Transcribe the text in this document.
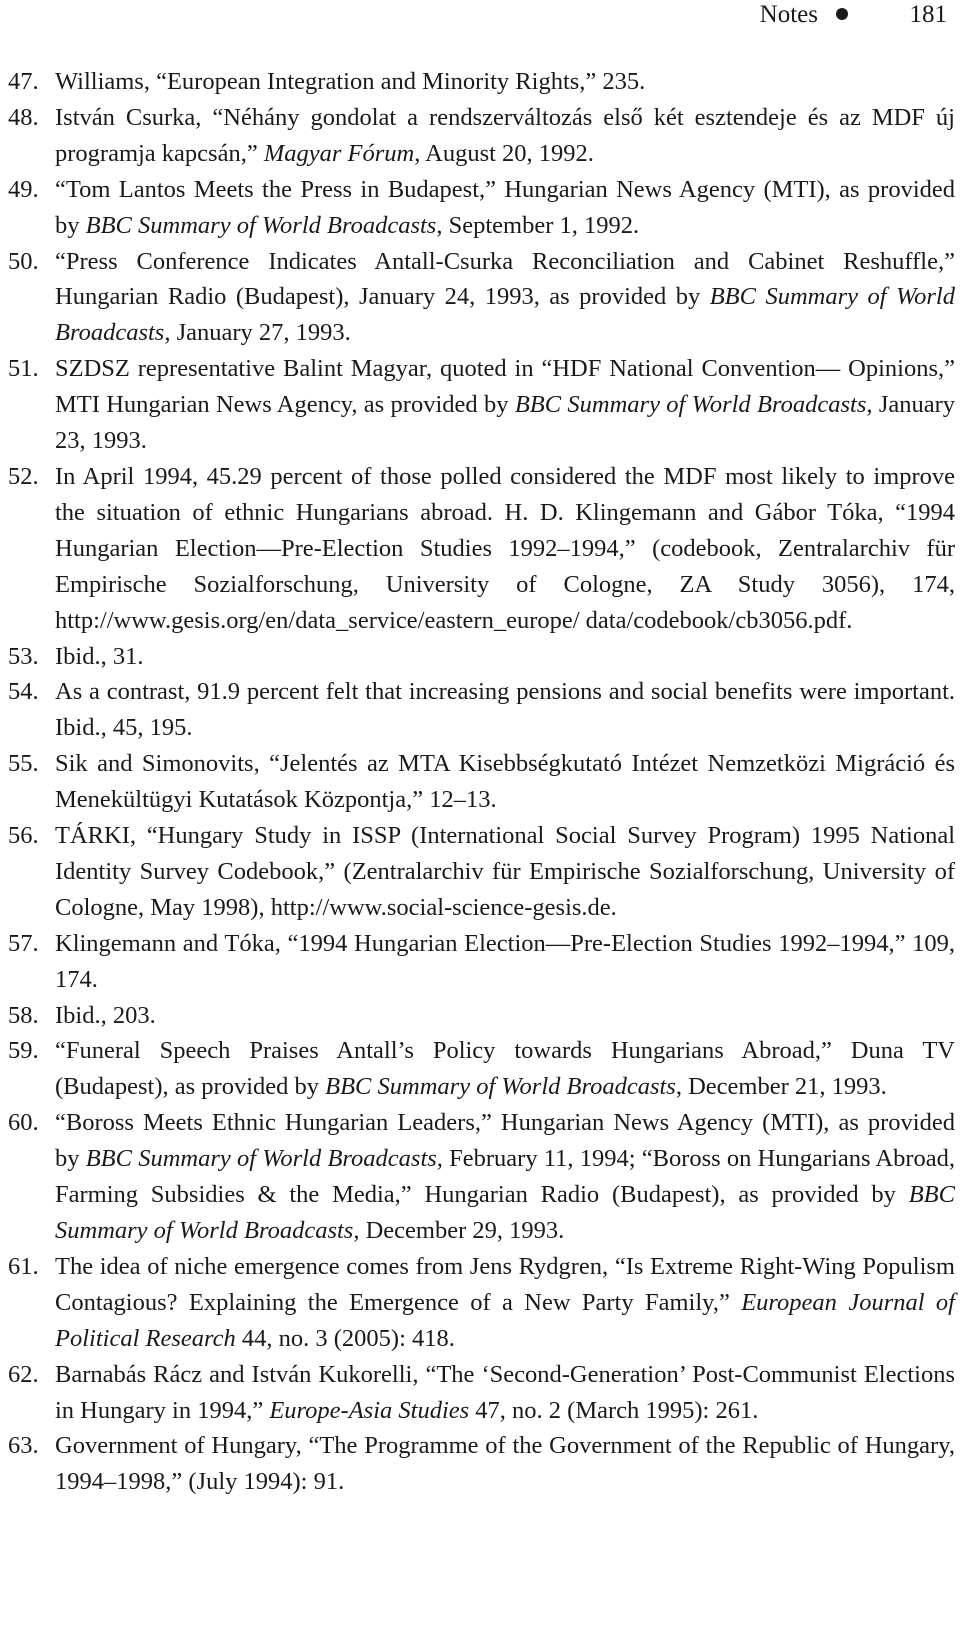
Notes	181
47. Williams, “European Integration and Minority Rights,” 235.
48. István Csurka, “Néhány gondolat a rendszerváltozás első két esztendeje és az MDF új programja kapcsán,” Magyar Fórum, August 20, 1992.
49. “Tom Lantos Meets the Press in Budapest,” Hungarian News Agency (MTI), as provided by BBC Summary of World Broadcasts, September 1, 1992.
50. “Press Conference Indicates Antall-Csurka Reconciliation and Cabinet Reshuffle,” Hungarian Radio (Budapest), January 24, 1993, as provided by BBC Summary of World Broadcasts, January 27, 1993.
51. SZDSZ representative Balint Magyar, quoted in “HDF National Convention— Opinions,” MTI Hungarian News Agency, as provided by BBC Summary of World Broadcasts, January 23, 1993.
52. In April 1994, 45.29 percent of those polled considered the MDF most likely to improve the situation of ethnic Hungarians abroad. H. D. Klingemann and Gábor Tóka, “1994 Hungarian Election—Pre-Election Studies 1992–1994,” (codebook, Zentralarchiv für Empirische Sozialforschung, University of Cologne, ZA Study 3056), 174, http://www.gesis.org/en/data_service/eastern_europe/ data/codebook/cb3056.pdf.
53. Ibid., 31.
54. As a contrast, 91.9 percent felt that increasing pensions and social benefits were important. Ibid., 45, 195.
55. Sik and Simonovits, “Jelentés az MTA Kisebbségkutató Intézet Nemzetközi Migráció és Menekültügyi Kutatások Központja,” 12–13.
56. TÁRKI, “Hungary Study in ISSP (International Social Survey Program) 1995 National Identity Survey Codebook,” (Zentralarchiv für Empirische Sozialforschung, University of Cologne, May 1998), http://www.social-science-gesis.de.
57. Klingemann and Tóka, “1994 Hungarian Election—Pre-Election Studies 1992–1994,” 109, 174.
58. Ibid., 203.
59. “Funeral Speech Praises Antall’s Policy towards Hungarians Abroad,” Duna TV (Budapest), as provided by BBC Summary of World Broadcasts, December 21, 1993.
60. “Boross Meets Ethnic Hungarian Leaders,” Hungarian News Agency (MTI), as provided by BBC Summary of World Broadcasts, February 11, 1994; “Boross on Hungarians Abroad, Farming Subsidies & the Media,” Hungarian Radio (Budapest), as provided by BBC Summary of World Broadcasts, December 29, 1993.
61. The idea of niche emergence comes from Jens Rydgren, “Is Extreme Right-Wing Populism Contagious? Explaining the Emergence of a New Party Family,” European Journal of Political Research 44, no. 3 (2005): 418.
62. Barnabás Rácz and István Kukorelli, “The ‘Second-Generation’ Post-Communist Elections in Hungary in 1994,” Europe-Asia Studies 47, no. 2 (March 1995): 261.
63. Government of Hungary, “The Programme of the Government of the Republic of Hungary, 1994–1998,” (July 1994): 91.
